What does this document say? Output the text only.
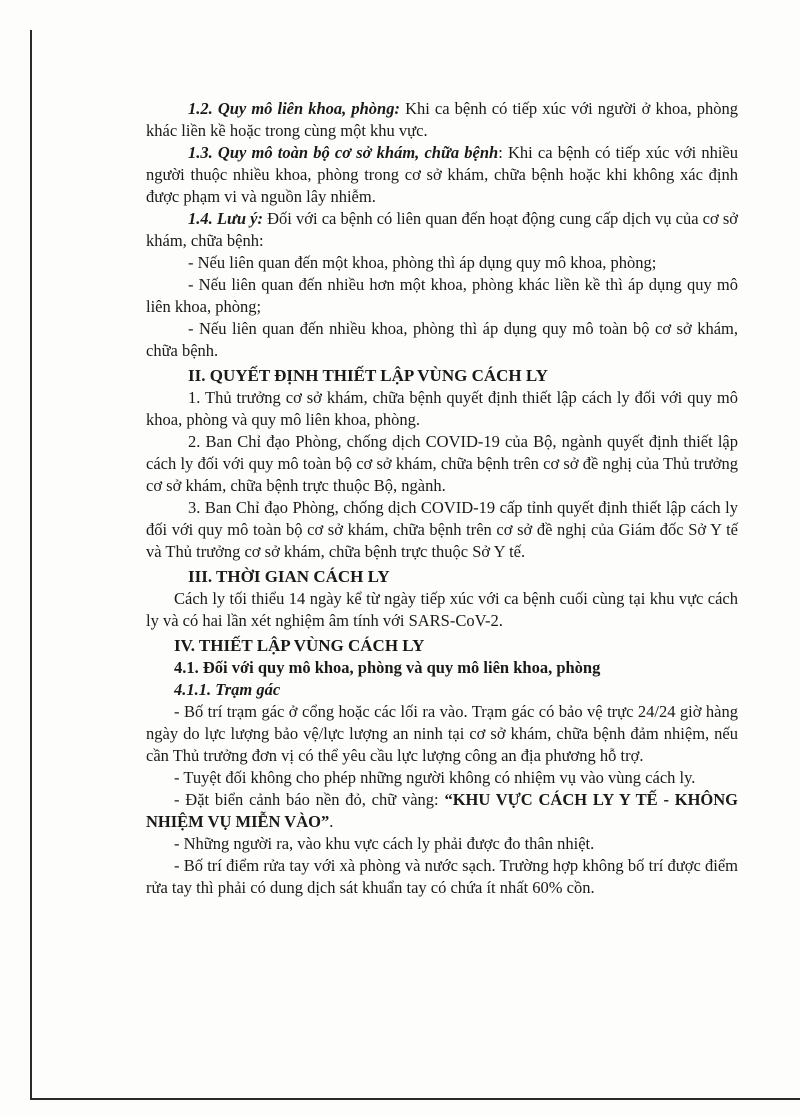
1.2. Quy mô liên khoa, phòng: Khi ca bệnh có tiếp xúc với người ở khoa, phòng khác liền kề hoặc trong cùng một khu vực.

1.3. Quy mô toàn bộ cơ sở khám, chữa bệnh: Khi ca bệnh có tiếp xúc với nhiều người thuộc nhiều khoa, phòng trong cơ sở khám, chữa bệnh hoặc khi không xác định được phạm vi và nguồn lây nhiễm.

1.4. Lưu ý: Đối với ca bệnh có liên quan đến hoạt động cung cấp dịch vụ của cơ sở khám, chữa bệnh:

- Nếu liên quan đến một khoa, phòng thì áp dụng quy mô khoa, phòng;

- Nếu liên quan đến nhiều hơn một khoa, phòng khác liền kề thì áp dụng quy mô liên khoa, phòng;

- Nếu liên quan đến nhiều khoa, phòng thì áp dụng quy mô toàn bộ cơ sở khám, chữa bệnh.

II. QUYẾT ĐỊNH THIẾT LẬP VÙNG CÁCH LY

1. Thủ trưởng cơ sở khám, chữa bệnh quyết định thiết lập cách ly đối với quy mô khoa, phòng và quy mô liên khoa, phòng.

2. Ban Chỉ đạo Phòng, chống dịch COVID-19 của Bộ, ngành quyết định thiết lập cách ly đối với quy mô toàn bộ cơ sở khám, chữa bệnh trên cơ sở đề nghị của Thủ trưởng cơ sở khám, chữa bệnh trực thuộc Bộ, ngành.

3. Ban Chỉ đạo Phòng, chống dịch COVID-19 cấp tỉnh quyết định thiết lập cách ly đối với quy mô toàn bộ cơ sở khám, chữa bệnh trên cơ sở đề nghị của Giám đốc Sở Y tế và Thủ trưởng cơ sở khám, chữa bệnh trực thuộc Sở Y tế.

III. THỜI GIAN CÁCH LY

Cách ly tối thiểu 14 ngày kể từ ngày tiếp xúc với ca bệnh cuối cùng tại khu vực cách ly và có hai lần xét nghiệm âm tính với SARS-CoV-2.

IV. THIẾT LẬP VÙNG CÁCH LY

4.1. Đối với quy mô khoa, phòng và quy mô liên khoa, phòng

4.1.1. Trạm gác

- Bố trí trạm gác ở cổng hoặc các lối ra vào. Trạm gác có bảo vệ trực 24/24 giờ hàng ngày do lực lượng bảo vệ/lực lượng an ninh tại cơ sở khám, chữa bệnh đảm nhiệm, nếu cần Thủ trưởng đơn vị có thể yêu cầu lực lượng công an địa phương hỗ trợ.

- Tuyệt đối không cho phép những người không có nhiệm vụ vào vùng cách ly.

- Đặt biển cảnh báo nền đỏ, chữ vàng: “KHU VỰC CÁCH LY Y TẾ - KHÔNG NHIỆM VỤ MIỄN VÀO”.

- Những người ra, vào khu vực cách ly phải được đo thân nhiệt.

- Bố trí điểm rửa tay với xà phòng và nước sạch. Trường hợp không bố trí được điểm rửa tay thì phải có dung dịch sát khuẩn tay có chứa ít nhất 60% cồn.
